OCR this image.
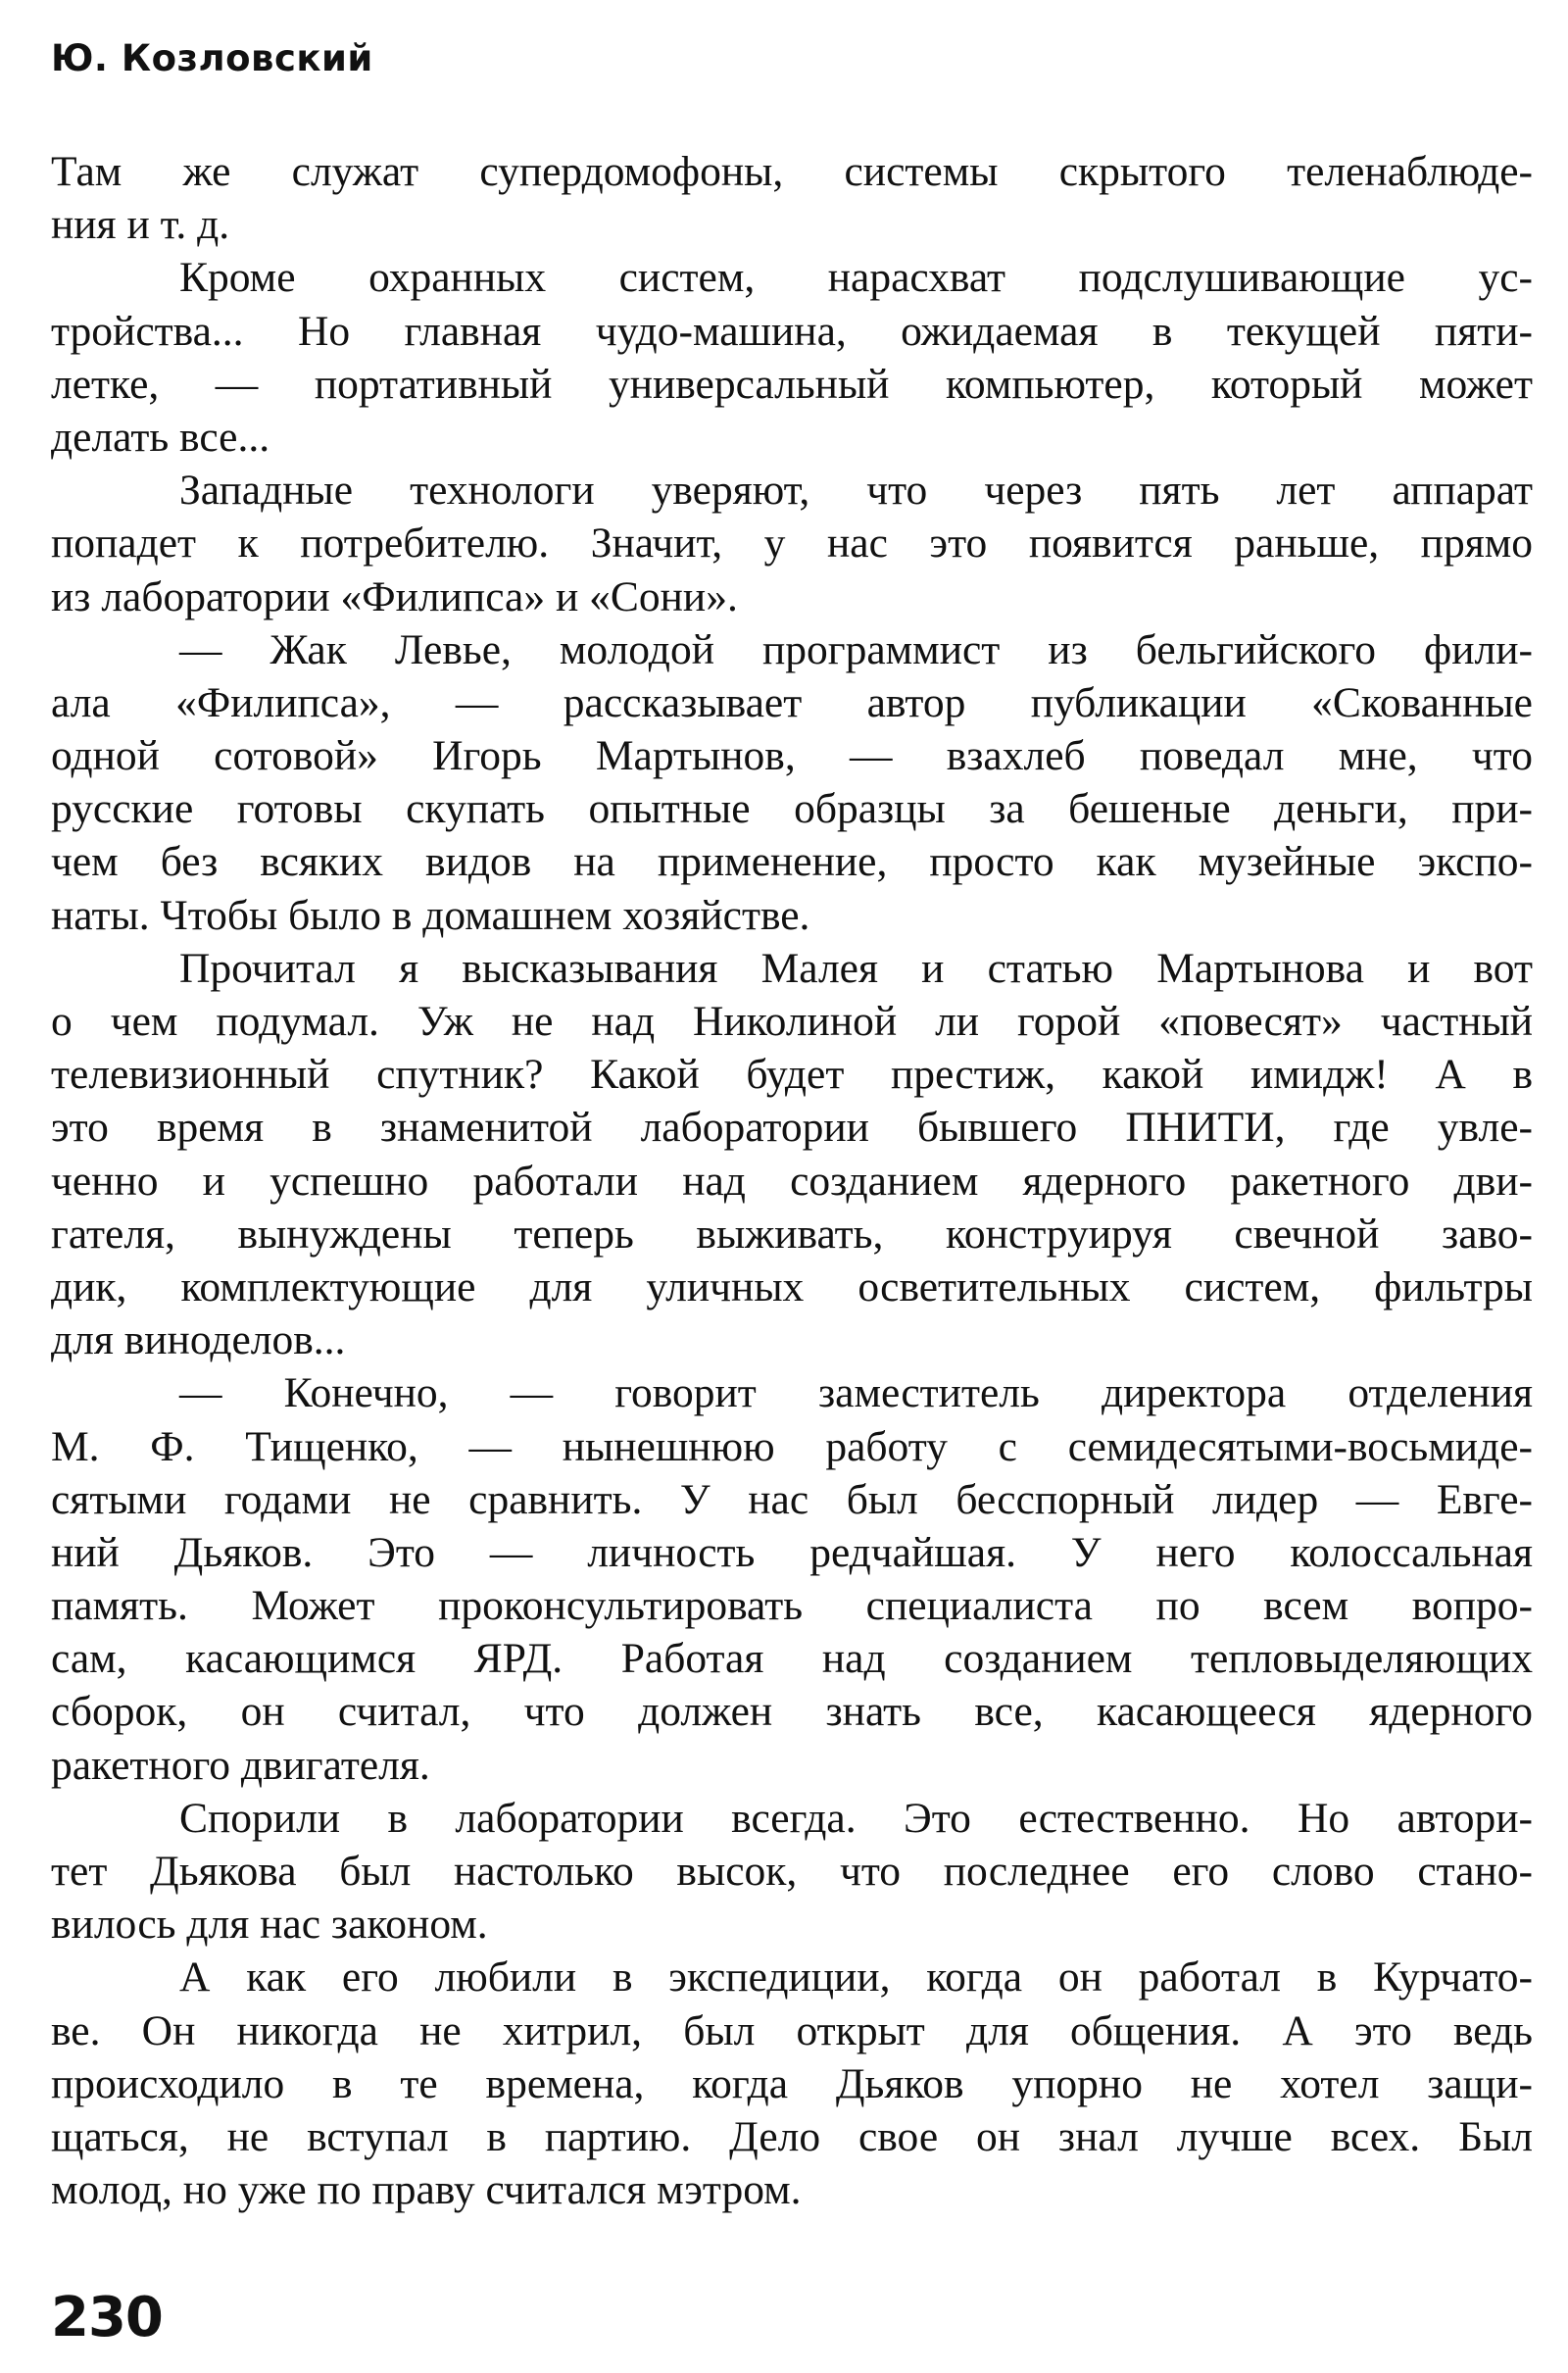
Ю. Козловский
Там же служат супердомофоны, системы скрытого теленаблюде-
ния и т. д.
Кроме охранных систем, нарасхват подслушивающие ус-
тройства... Но главная чудо-машина, ожидаемая в текущей пяти-
летке, — портативный универсальный компьютер, который может
делать все...
Западные технологи уверяют, что через пять лет аппарат
попадет к потребителю. Значит, у нас это появится раньше, прямо
из лаборатории «Филипса» и «Сони».
— Жак Левье, молодой программист из бельгийского фили-
ала «Филипса», — рассказывает автор публикации «Скованные
одной сотовой» Игорь Мартынов, — взахлеб поведал мне, что
русские готовы скупать опытные образцы за бешеные деньги, при-
чем без всяких видов на применение, просто как музейные экспо-
наты. Чтобы было в домашнем хозяйстве.
Прочитал я высказывания Малея и статью Мартынова и вот
о чем подумал. Уж не над Николиной ли горой «повесят» частный
телевизионный спутник? Какой будет престиж, какой имидж! А в
это время в знаменитой лаборатории бывшего ПНИТИ, где увле-
ченно и успешно работали над созданием ядерного ракетного дви-
гателя, вынуждены теперь выживать, конструируя свечной заво-
дик, комплектующие для уличных осветительных систем, фильтры
для виноделов...
— Конечно, — говорит заместитель директора отделения
М. Ф. Тищенко, — нынешнюю работу с семидесятыми-восьмиде-
сятыми годами не сравнить. У нас был бесспорный лидер — Евге-
ний Дьяков. Это — личность редчайшая. У него колоссальная
память. Может проконсультировать специалиста по всем вопро-
сам, касающимся ЯРД. Работая над созданием тепловыделяющих
сборок, он считал, что должен знать все, касающееся ядерного
ракетного двигателя.
Спорили в лаборатории всегда. Это естественно. Но автори-
тет Дьякова был настолько высок, что последнее его слово стано-
вилось для нас законом.
А как его любили в экспедиции, когда он работал в Курчато-
ве. Он никогда не хитрил, был открыт для общения. А это ведь
происходило в те времена, когда Дьяков упорно не хотел защи-
щаться, не вступал в партию. Дело свое он знал лучше всех. Был
молод, но уже по праву считался мэтром.
230
